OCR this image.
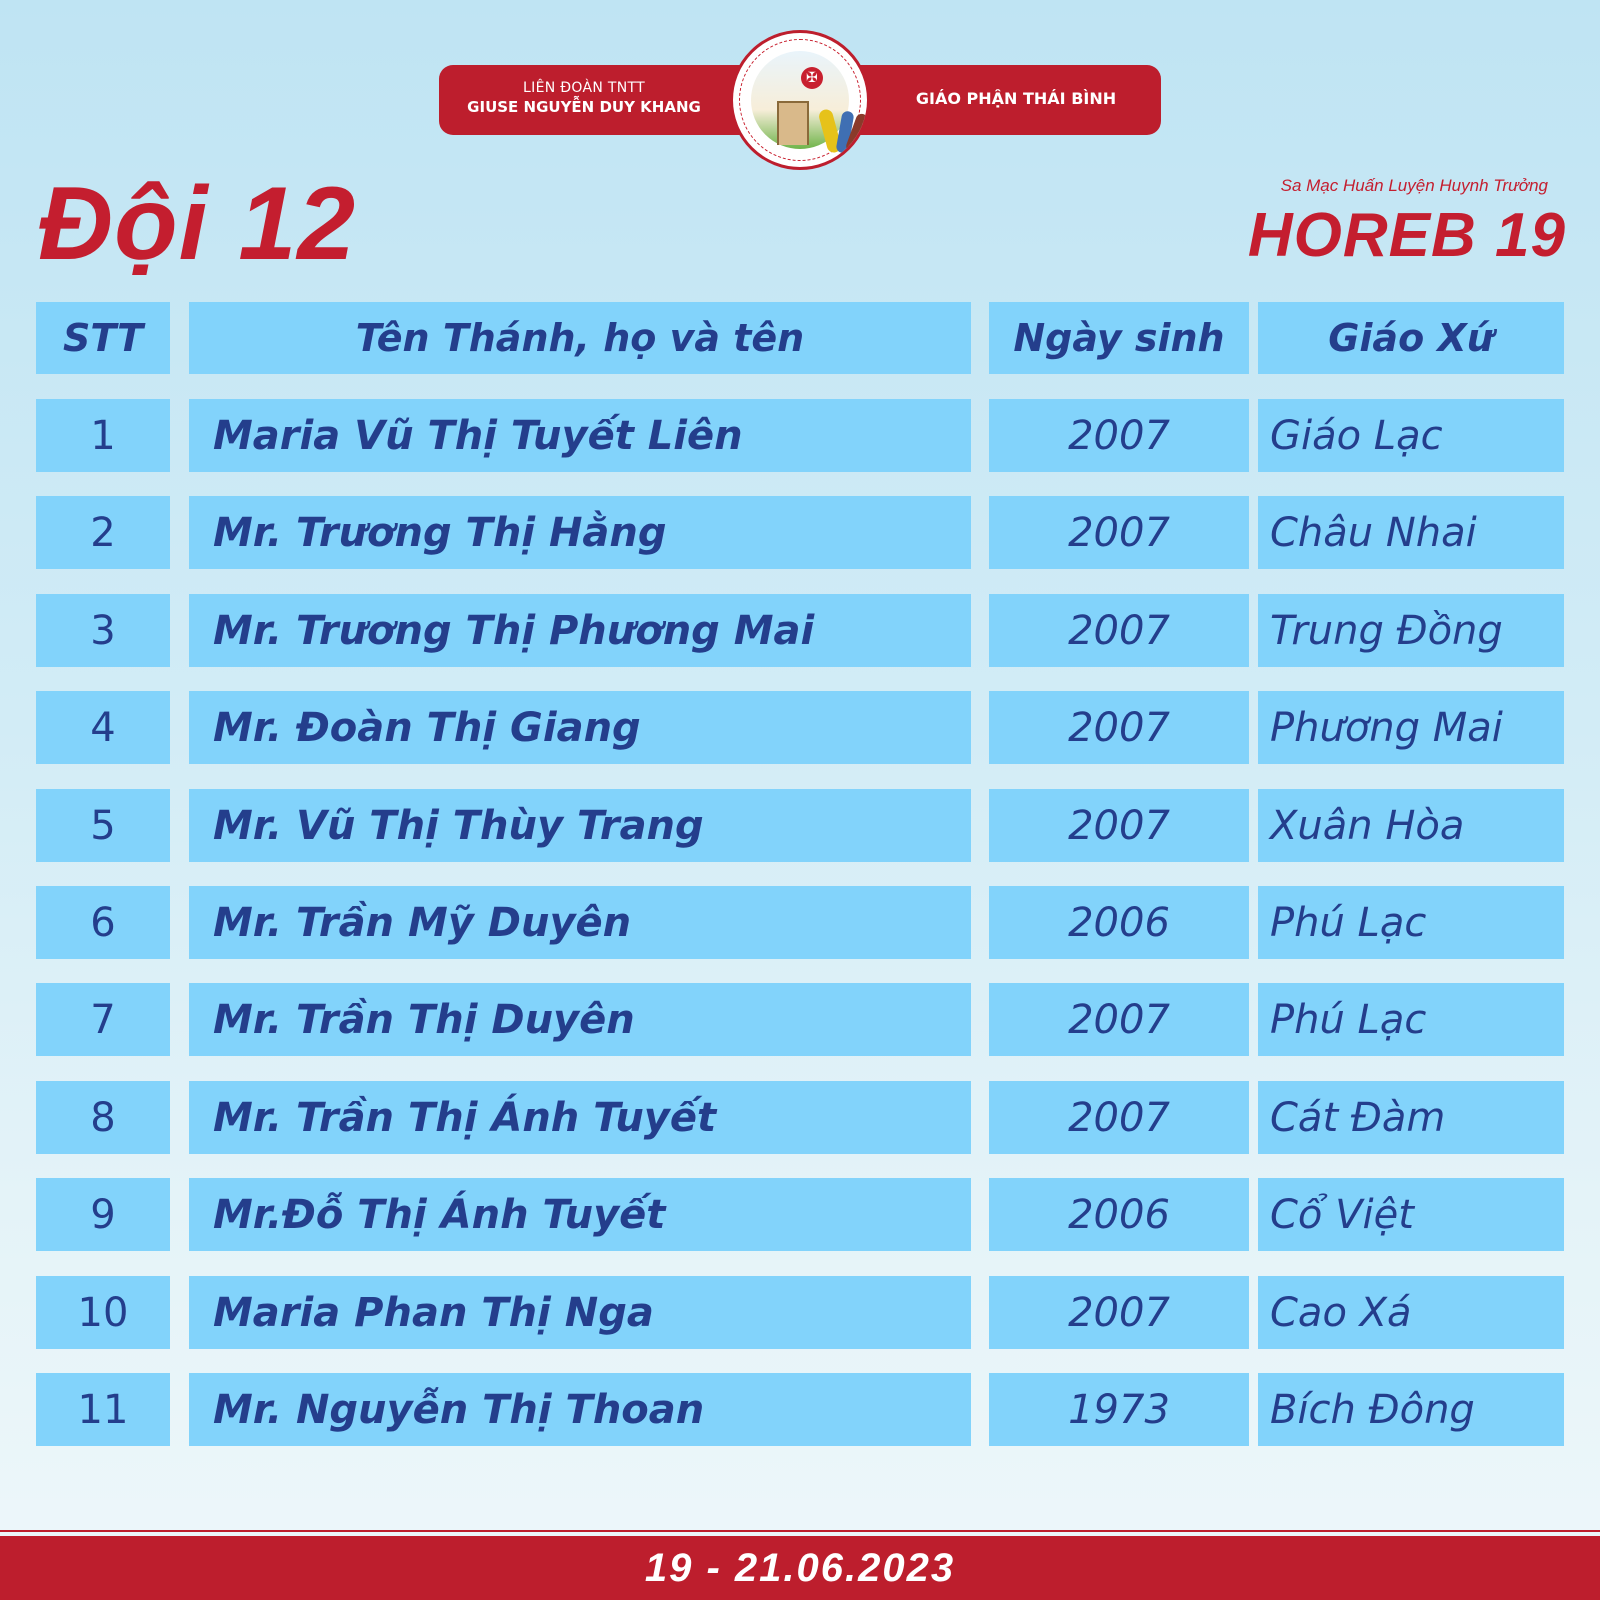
LIÊN ĐOÀN TNTT
GIUSE NGUYỄN DUY KHANG	GIÁO PHẬN THÁI BÌNH
✠
Đội 12	Sa Mạc Huấn Luyện Huynh Trưởng
HOREB 19
STT	Tên Thánh, họ và tên	Ngày sinh	Giáo Xứ
1	Maria Vũ Thị Tuyết Liên	2007	Giáo Lạc
2	Mr. Trương Thị Hằng	2007	Châu Nhai
3	Mr. Trương Thị Phương Mai	2007	Trung Đồng
4	Mr. Đoàn Thị Giang	2007	Phương Mai
5	Mr. Vũ Thị Thùy Trang	2007	Xuân Hòa
6	Mr. Trần Mỹ Duyên	2006	Phú Lạc
7	Mr. Trần Thị Duyên	2007	Phú Lạc
8	Mr. Trần Thị Ánh Tuyết	2007	Cát Đàm
9	Mr.Đỗ Thị Ánh Tuyết	2006	Cổ Việt
10	Maria Phan Thị Nga	2007	Cao Xá
11	Mr. Nguyễn Thị Thoan	1973	Bích Đông
19 - 21.06.2023
